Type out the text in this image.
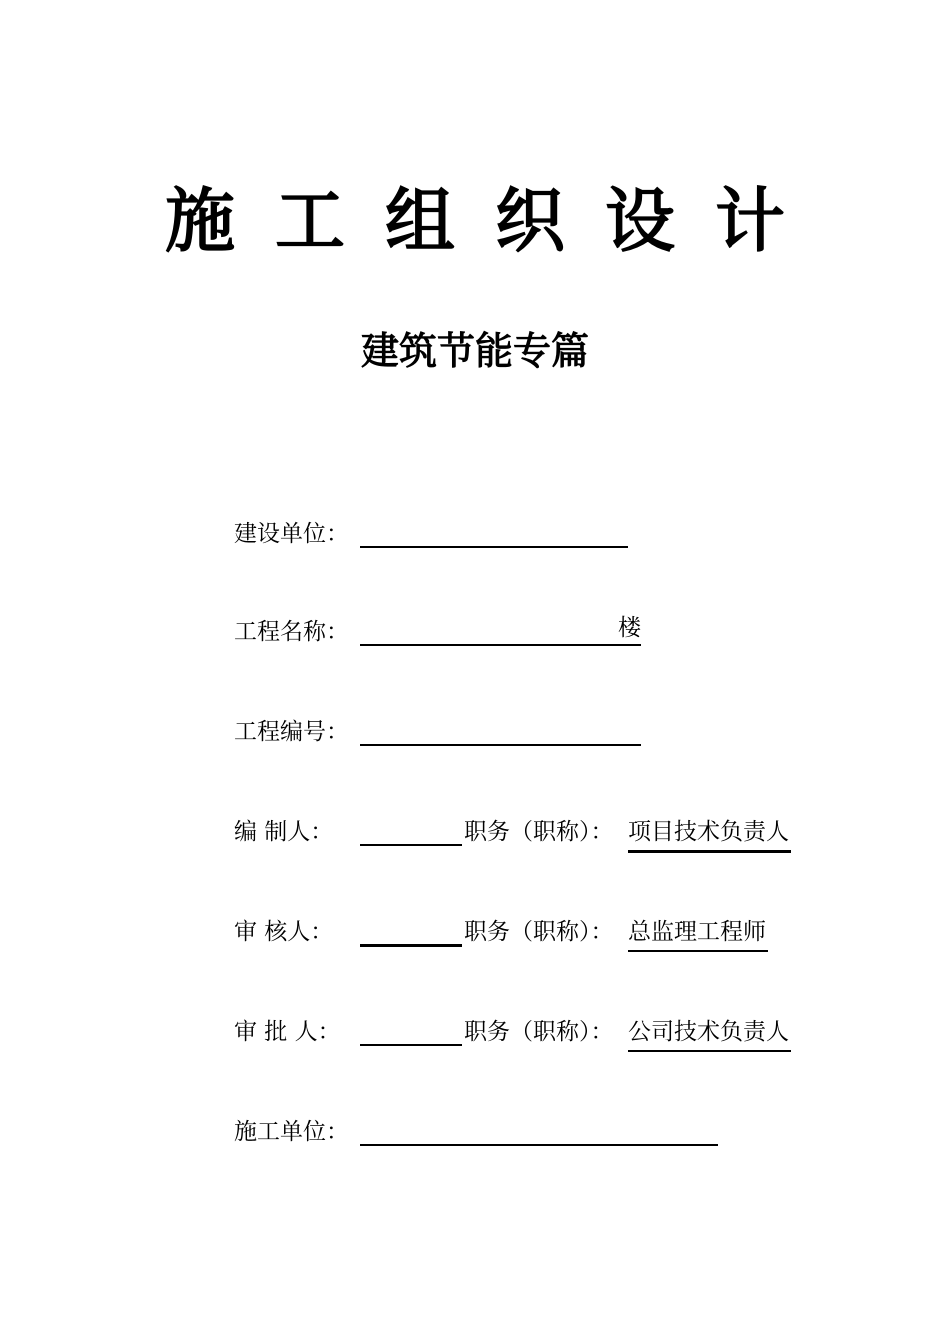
施工组织设计
建筑节能专篇
建设单位：
工程名称：	楼
工程编号：
编 制人：	职务（职称）： 项目技术负责人
审 核人：	职务（职称）： 总监理工程师
审 批 人：	职务（职称）： 公司技术负责人
施工单位：
